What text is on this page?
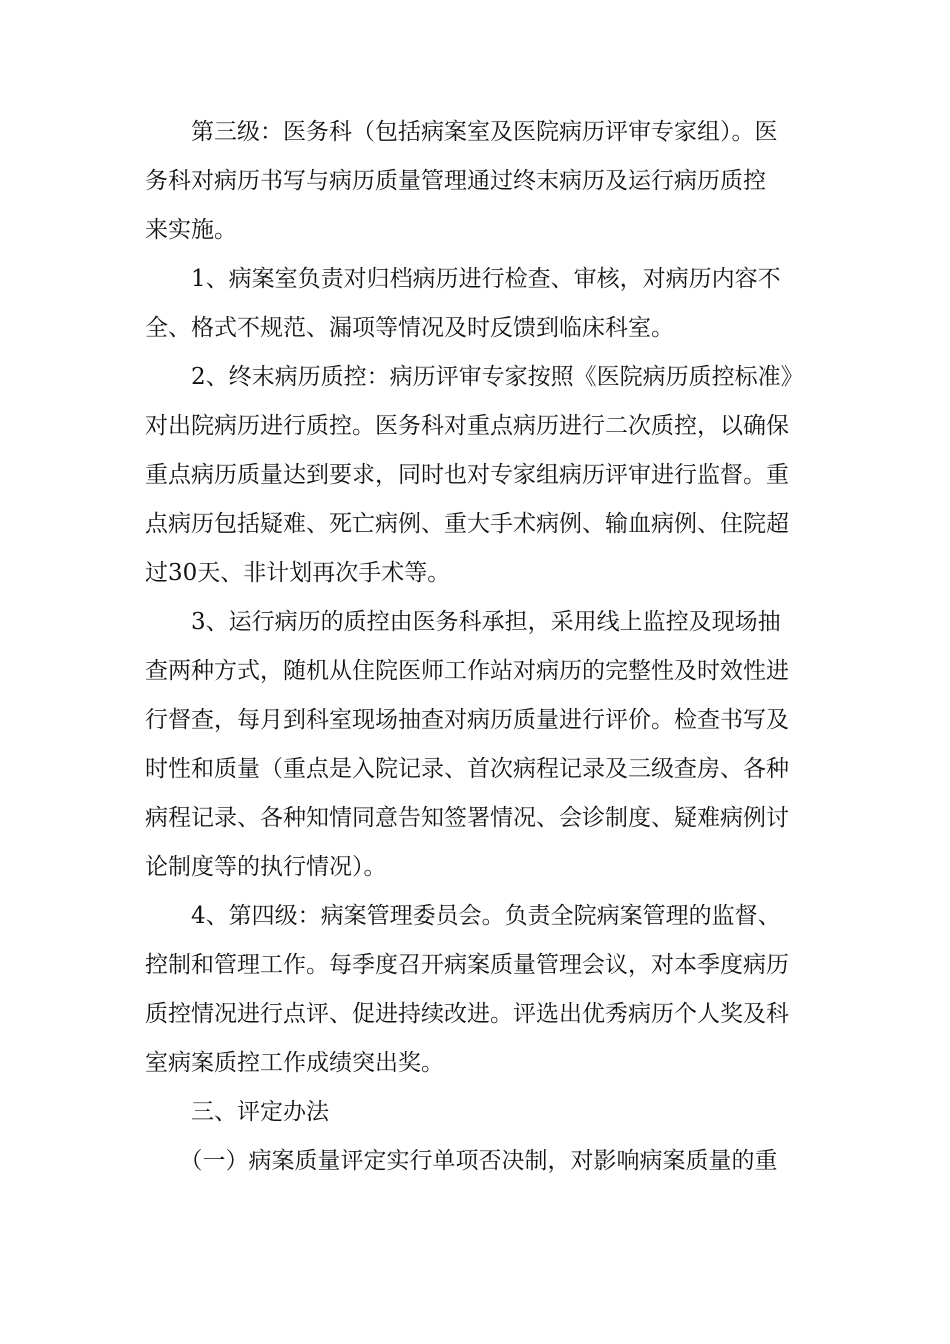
　　第三级：医务科（包括病案室及医院病历评审专家组）。医
务科对病历书写与病历质量管理通过终末病历及运行病历质控
来实施。
　　1、病案室负责对归档病历进行检查、审核，对病历内容不
全、格式不规范、漏项等情况及时反馈到临床科室。
　　2、终末病历质控：病历评审专家按照《医院病历质控标准》
对出院病历进行质控。医务科对重点病历进行二次质控，以确保
重点病历质量达到要求，同时也对专家组病历评审进行监督。重
点病历包括疑难、死亡病例、重大手术病例、输血病例、住院超
过30天、非计划再次手术等。
　　3、运行病历的质控由医务科承担，采用线上监控及现场抽
查两种方式，随机从住院医师工作站对病历的完整性及时效性进
行督查，每月到科室现场抽查对病历质量进行评价。检查书写及
时性和质量（重点是入院记录、首次病程记录及三级查房、各种
病程记录、各种知情同意告知签署情况、会诊制度、疑难病例讨
论制度等的执行情况）。
　　4、第四级：病案管理委员会。负责全院病案管理的监督、
控制和管理工作。每季度召开病案质量管理会议，对本季度病历
质控情况进行点评、促进持续改进。评选出优秀病历个人奖及科
室病案质控工作成绩突出奖。
　　三、评定办法
　　（一）病案质量评定实行单项否决制，对影响病案质量的重
